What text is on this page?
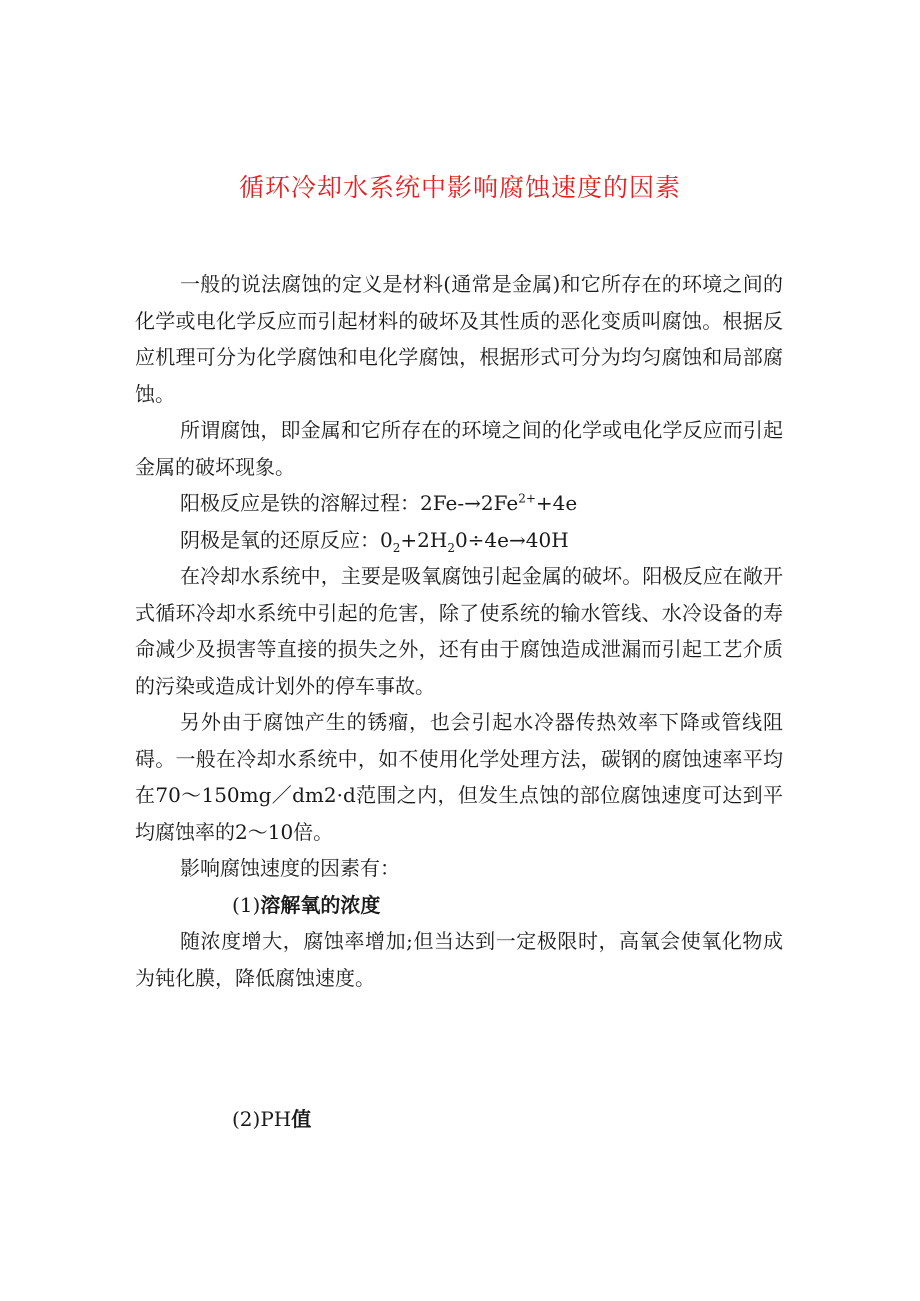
循环冷却水系统中影响腐蚀速度的因素

一般的说法腐蚀的定义是材料(通常是金属)和它所存在的环境之间的化学或电化学反应而引起材料的破坏及其性质的恶化变质叫腐蚀。根据反应机理可分为化学腐蚀和电化学腐蚀，根据形式可分为均匀腐蚀和局部腐蚀。

所谓腐蚀，即金属和它所存在的环境之间的化学或电化学反应而引起金属的破坏现象。

阳极反应是铁的溶解过程：$2Fe-\to 2Fe^{2+}+4e$

阴极是氧的还原反应：$0_2+2H_20\div 4e\to 40H$

在冷却水系统中，主要是吸氧腐蚀引起金属的破坏。阳极反应在敞开式循环冷却水系统中引起的危害，除了使系统的输水管线、水冷设备的寿命减少及损害等直接的损失之外，还有由于腐蚀造成泄漏而引起工艺介质的污染或造成计划外的停车事故。

另外由于腐蚀产生的锈瘤，也会引起水冷器传热效率下降或管线阻碍。一般在冷却水系统中，如不使用化学处理方法，碳钢的腐蚀速率平均在70～150mg／dm2·d范围之内，但发生点蚀的部位腐蚀速度可达到平均腐蚀率的2～10倍。

影响腐蚀速度的因素有：

(1)溶解氧的浓度

随浓度增大，腐蚀率增加;但当达到一定极限时，高氧会使氧化物成为钝化膜，降低腐蚀速度。

(2)PH值
